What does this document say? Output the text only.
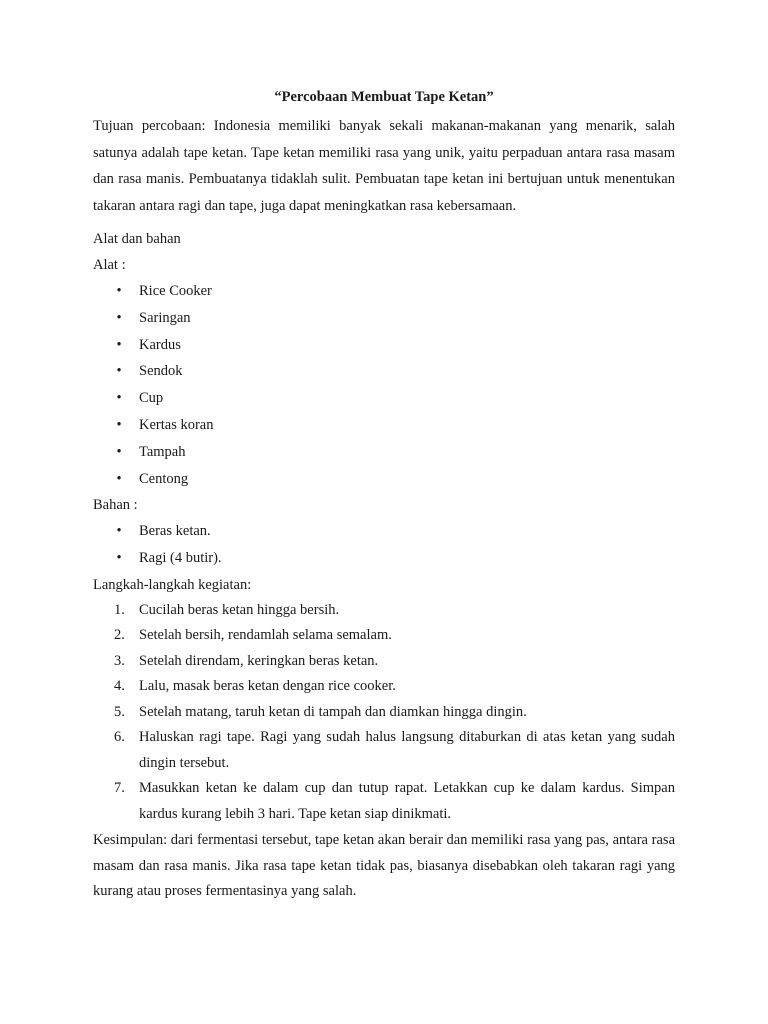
“Percobaan Membuat Tape Ketan”

Tujuan percobaan: Indonesia memiliki banyak sekali makanan-makanan yang menarik, salah satunya adalah tape ketan. Tape ketan memiliki rasa yang unik, yaitu perpaduan antara rasa masam dan rasa manis. Pembuatanya tidaklah sulit. Pembuatan tape ketan ini bertujuan untuk menentukan takaran antara ragi dan tape, juga dapat meningkatkan rasa kebersamaan.

Alat dan bahan

Alat :

• Rice Cooker
• Saringan
• Kardus
• Sendok
• Cup
• Kertas koran
• Tampah
• Centong

Bahan :

• Beras ketan.
• Ragi (4 butir).

Langkah-langkah kegiatan:

1. Cucilah beras ketan hingga bersih.
2. Setelah bersih, rendamlah selama semalam.
3. Setelah direndam, keringkan beras ketan.
4. Lalu, masak beras ketan dengan rice cooker.
5. Setelah matang, taruh ketan di tampah dan diamkan hingga dingin.
6. Haluskan ragi tape. Ragi yang sudah halus langsung ditaburkan di atas ketan yang sudah dingin tersebut.
7. Masukkan ketan ke dalam cup dan tutup rapat. Letakkan cup ke dalam kardus. Simpan kardus kurang lebih 3 hari. Tape ketan siap dinikmati.

Kesimpulan: dari fermentasi tersebut, tape ketan akan berair dan memiliki rasa yang pas, antara rasa masam dan rasa manis. Jika rasa tape ketan tidak pas, biasanya disebabkan oleh takaran ragi yang kurang atau proses fermentasinya yang salah.
